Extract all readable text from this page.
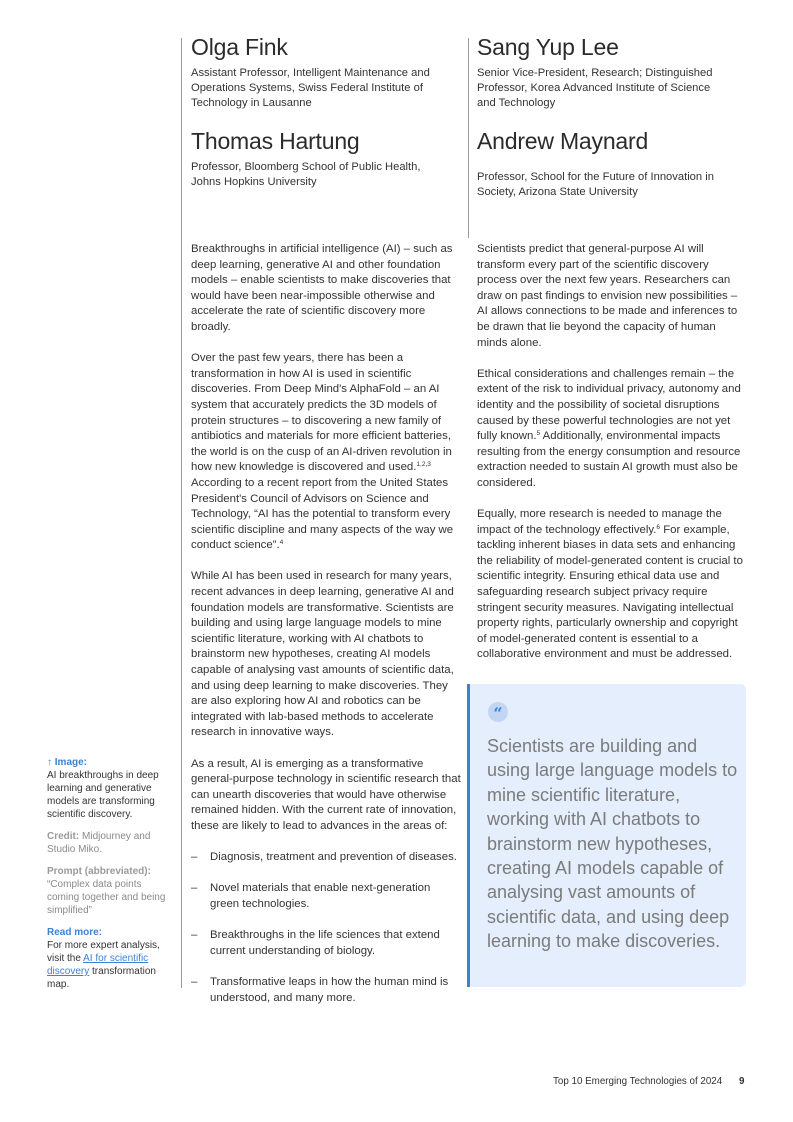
Olga Fink
Assistant Professor, Intelligent Maintenance and Operations Systems, Swiss Federal Institute of Technology in Lausanne
Sang Yup Lee
Senior Vice-President, Research; Distinguished Professor, Korea Advanced Institute of Science and Technology
Thomas Hartung
Professor, Bloomberg School of Public Health, Johns Hopkins University
Andrew Maynard
Professor, School for the Future of Innovation in Society, Arizona State University

Breakthroughs in artificial intelligence (AI) – such as deep learning, generative AI and other foundation models – enable scientists to make discoveries that would have been near-impossible otherwise and accelerate the rate of scientific discovery more broadly.

Over the past few years, there has been a transformation in how AI is used in scientific discoveries. From Deep Mind's AlphaFold – an AI system that accurately predicts the 3D models of protein structures – to discovering a new family of antibiotics and materials for more efficient batteries, the world is on the cusp of an AI-driven revolution in how new knowledge is discovered and used.$^{1,2,3}$ According to a recent report from the United States President's Council of Advisors on Science and Technology, “AI has the potential to transform every scientific discipline and many aspects of the way we conduct science”.$^4$

While AI has been used in research for many years, recent advances in deep learning, generative AI and foundation models are transformative. Scientists are building and using large language models to mine scientific literature, working with AI chatbots to brainstorm new hypotheses, creating AI models capable of analysing vast amounts of scientific data, and using deep learning to make discoveries. They are also exploring how AI and robotics can be integrated with lab-based methods to accelerate research in innovative ways.

As a result, AI is emerging as a transformative general-purpose technology in scientific research that can unearth discoveries that would have otherwise remained hidden. With the current rate of innovation, these are likely to lead to advances in the areas of:

– Diagnosis, treatment and prevention of diseases.
– Novel materials that enable next-generation green technologies.
– Breakthroughs in the life sciences that extend current understanding of biology.
– Transformative leaps in how the human mind is understood, and many more.

Scientists predict that general-purpose AI will transform every part of the scientific discovery process over the next few years. Researchers can draw on past findings to envision new possibilities – AI allows connections to be made and inferences to be drawn that lie beyond the capacity of human minds alone.

Ethical considerations and challenges remain – the extent of the risk to individual privacy, autonomy and identity and the possibility of societal disruptions caused by these powerful technologies are not yet fully known.$^5$ Additionally, environmental impacts resulting from the energy consumption and resource extraction needed to sustain AI growth must also be considered.

Equally, more research is needed to manage the impact of the technology effectively.$^6$ For example, tackling inherent biases in data sets and enhancing the reliability of model-generated content is crucial to scientific integrity. Ensuring ethical data use and safeguarding research subject privacy require stringent security measures. Navigating intellectual property rights, particularly ownership and copyright of model-generated content is essential to a collaborative environment and must be addressed.

“
Scientists are building and using large language models to mine scientific literature, working with AI chatbots to brainstorm new hypotheses, creating AI models capable of analysing vast amounts of scientific data, and using deep learning to make discoveries.
↑ Image:
AI breakthroughs in deep learning and generative models are transforming scientific discovery.
Credit: Midjourney and Studio Miko.
Prompt (abbreviated):
“Complex data points coming together and being simplified”
Read more:
For more expert analysis, visit the AI for scientific discovery transformation map.
Top 10 Emerging Technologies of 2024 9
